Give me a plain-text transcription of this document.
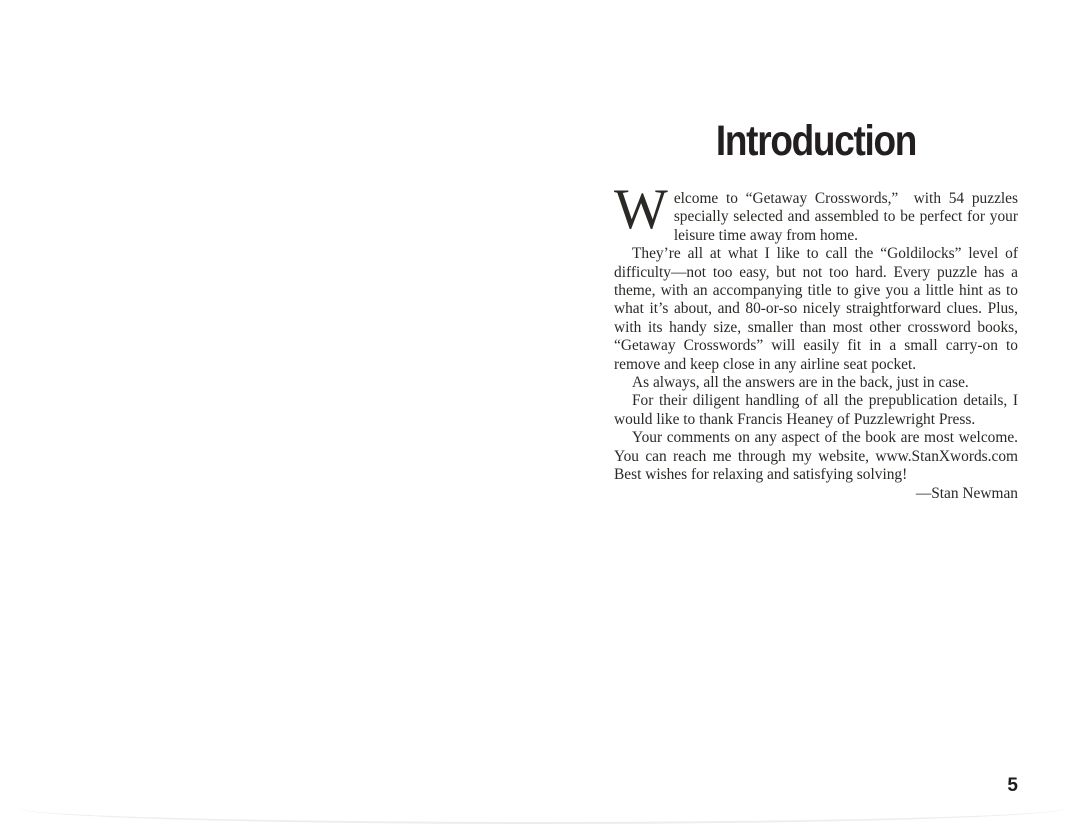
Introduction

Welcome to “Getaway Crosswords,”  with 54 puzzles specially selected and assembled to be perfect for your leisure time away from home.

They’re all at what I like to call the “Goldilocks” level of difficulty—not too easy, but not too hard. Every puzzle has a theme, with an accompanying title to give you a little hint as to what it’s about, and 80-or-so nicely straightforward clues. Plus, with its handy size, smaller than most other crossword books, “Getaway Crosswords” will easily fit in a small carry-on to remove and keep close in any airline seat pocket.

As always, all the answers are in the back, just in case.

For their diligent handling of all the prepublication details, I would like to thank Francis Heaney of Puzzlewright Press.

Your comments on any aspect of the book are most welcome. You can reach me through my website, www.StanXwords.com Best wishes for relaxing and satisfying solving!

—Stan Newman
5
